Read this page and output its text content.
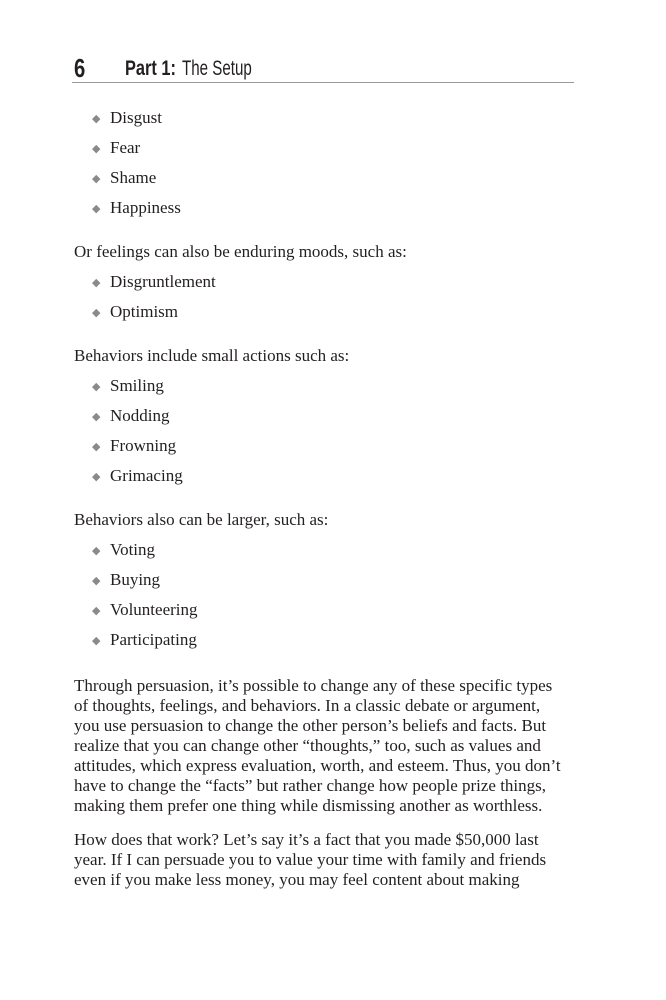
6 Part 1: The Setup
◆ Disgust
◆ Fear
◆ Shame
◆ Happiness

Or feelings can also be enduring moods, such as:

◆ Disgruntlement
◆ Optimism

Behaviors include small actions such as:

◆ Smiling
◆ Nodding
◆ Frowning
◆ Grimacing

Behaviors also can be larger, such as:

◆ Voting
◆ Buying
◆ Volunteering
◆ Participating
Through persuasion, it’s possible to change any of these specific types
of thoughts, feelings, and behaviors. In a classic debate or argument,
you use persuasion to change the other person’s beliefs and facts. But
realize that you can change other “thoughts,” too, such as values and
attitudes, which express evaluation, worth, and esteem. Thus, you don’t
have to change the “facts” but rather change how people prize things,
making them prefer one thing while dismissing another as worthless.
How does that work? Let’s say it’s a fact that you made $50,000 last
year. If I can persuade you to value your time with family and friends
even if you make less money, you may feel content about making
